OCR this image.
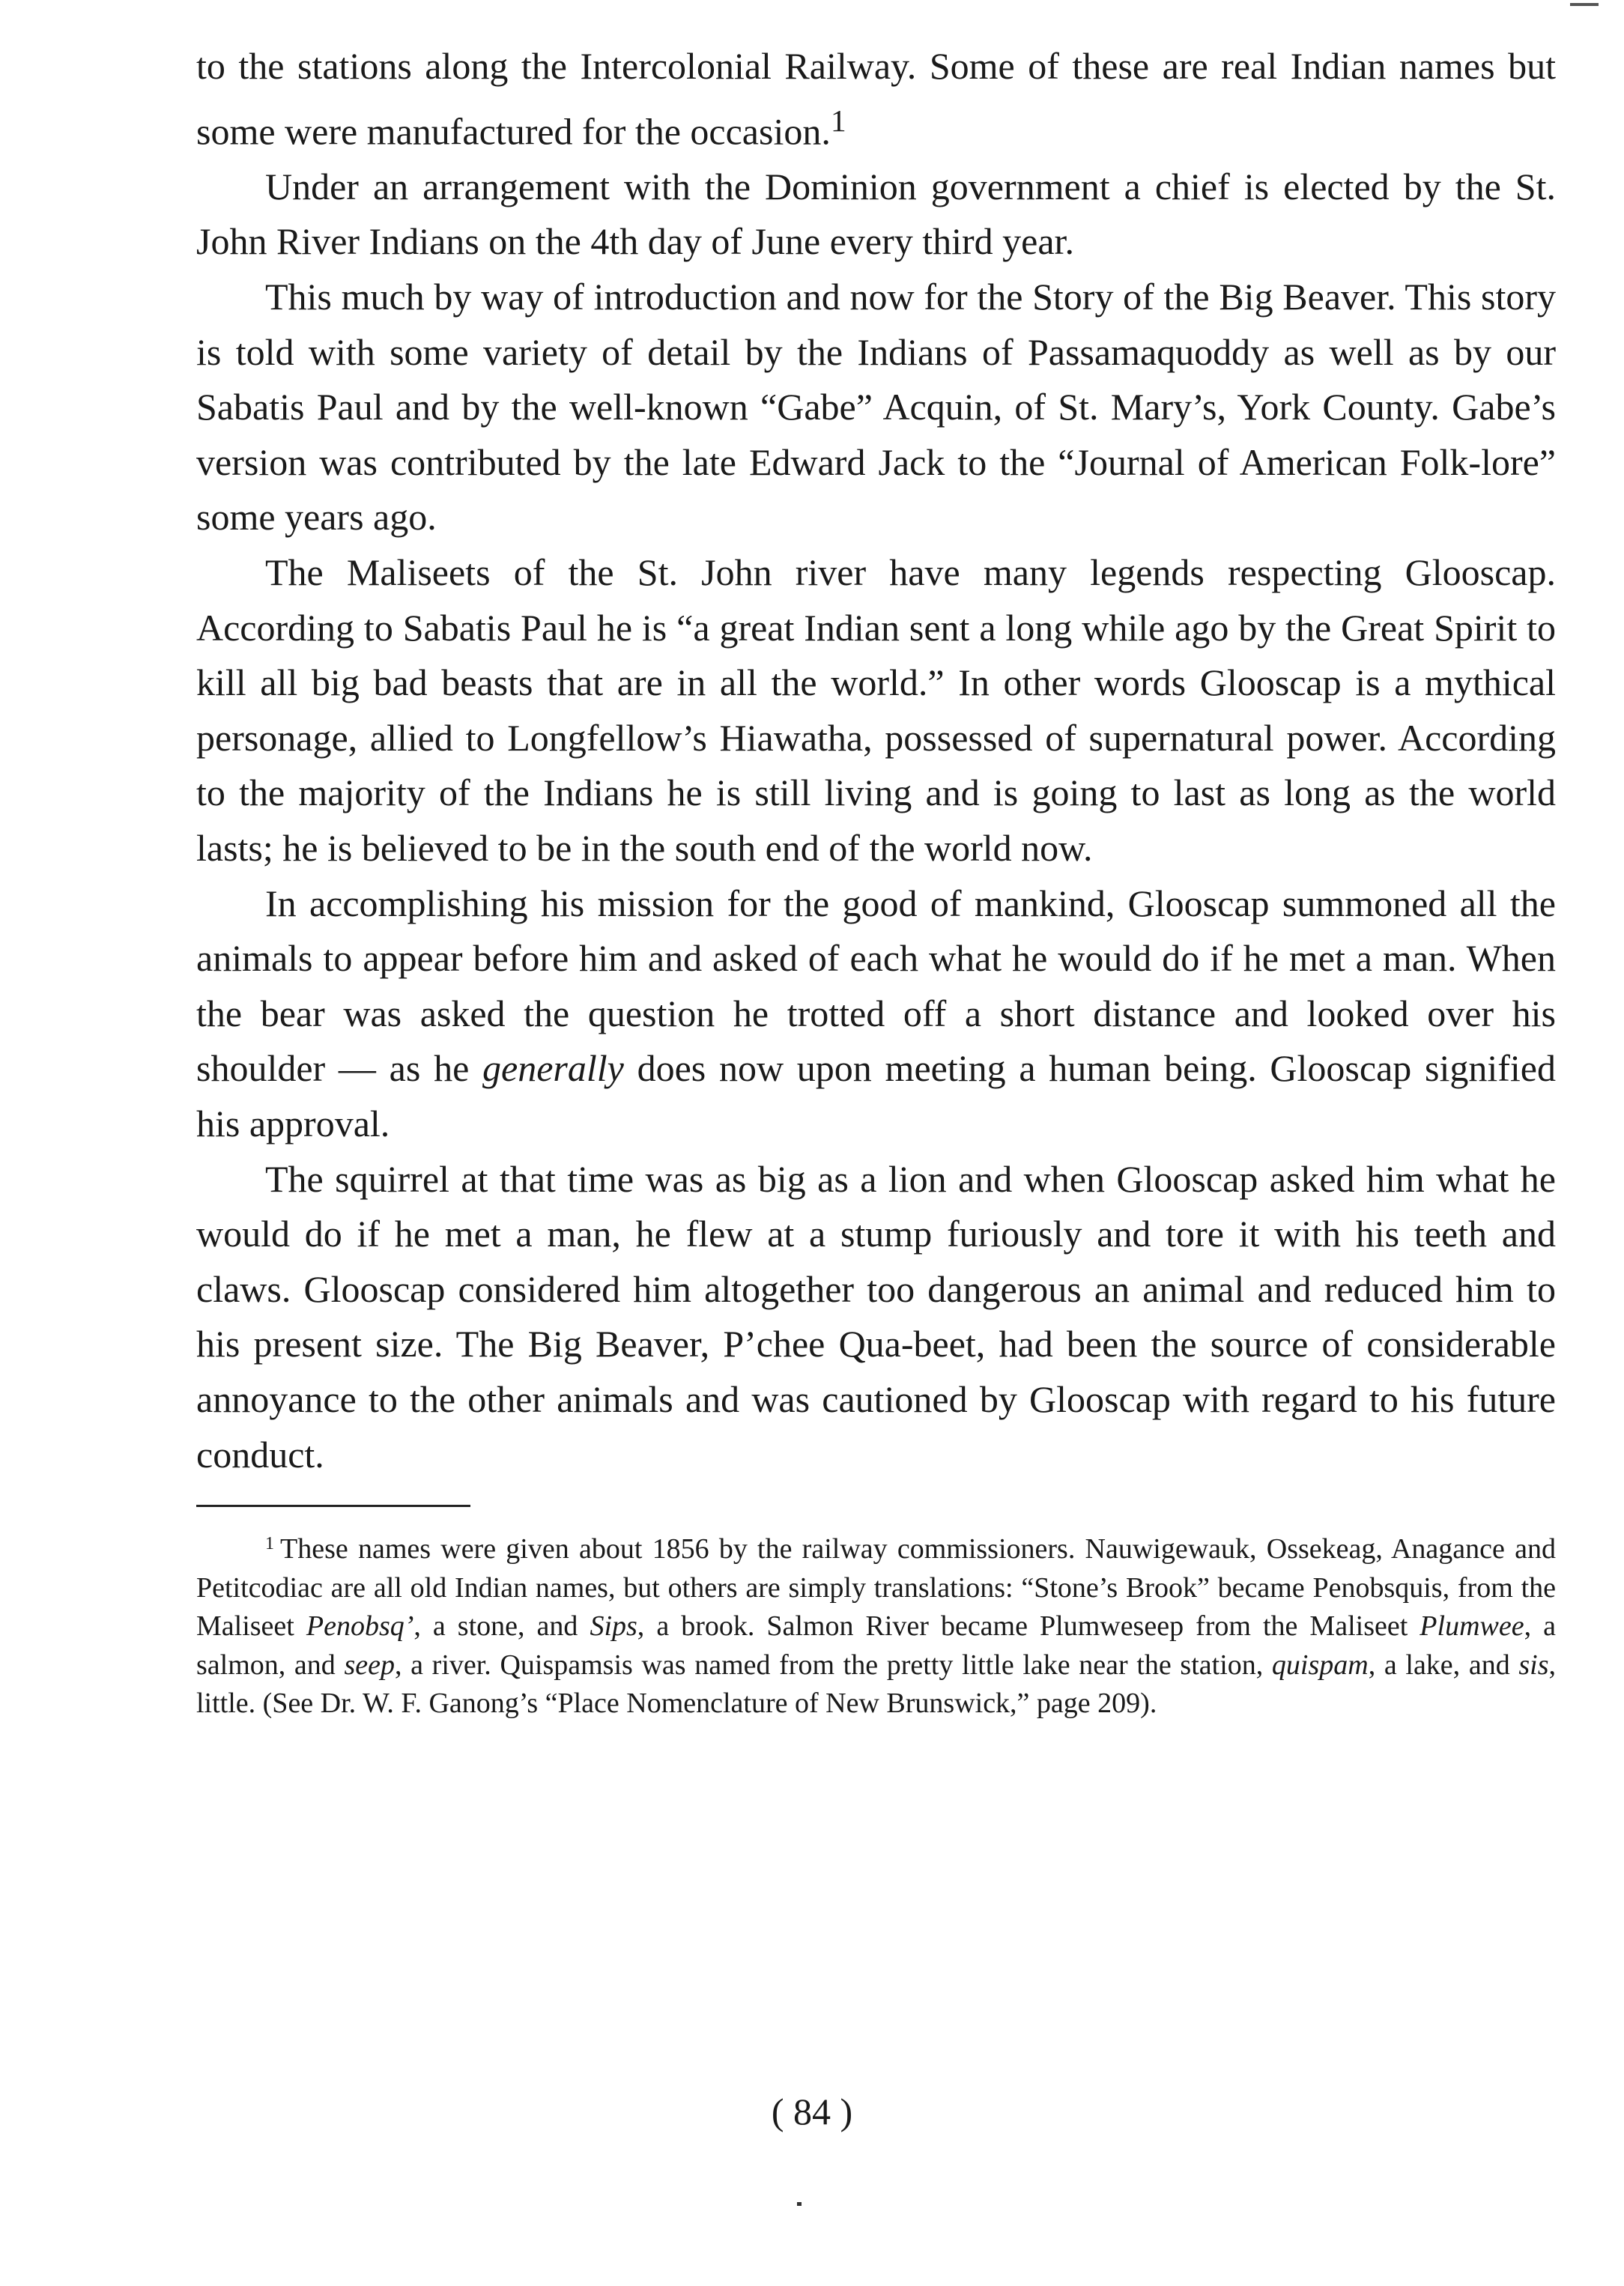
to the stations along the Intercolonial Railway. Some of these are real Indian names but some were manufactured for the occasion.$^1$

Under an arrangement with the Dominion government a chief is elected by the St. John River Indians on the 4th day of June every third year.

This much by way of introduction and now for the Story of the Big Beaver. This story is told with some variety of detail by the Indians of Passamaquoddy as well as by our Sabatis Paul and by the well-known “Gabe” Acquin, of St. Mary’s, York County. Gabe’s version was contributed by the late Edward Jack to the “Journal of American Folk-lore” some years ago.

The Maliseets of the St. John river have many legends respecting Glooscap. According to Sabatis Paul he is “a great Indian sent a long while ago by the Great Spirit to kill all big bad beasts that are in all the world.” In other words Glooscap is a mythical personage, allied to Longfellow’s Hiawatha, possessed of supernatural power. According to the majority of the Indians he is still living and is going to last as long as the world lasts; he is believed to be in the south end of the world now.

In accomplishing his mission for the good of mankind, Glooscap summoned all the animals to appear before him and asked of each what he would do if he met a man. When the bear was asked the question he trotted off a short distance and looked over his shoulder — as he generally does now upon meeting a human being. Glooscap signified his approval.

The squirrel at that time was as big as a lion and when Glooscap asked him what he would do if he met a man, he flew at a stump furiously and tore it with his teeth and claws. Glooscap considered him altogether too dangerous an animal and reduced him to his present size. The Big Beaver, P’chee Qua-beet, had been the source of considerable annoyance to the other animals and was cautioned by Glooscap with regard to his future conduct.

$^1$ These names were given about 1856 by the railway commissioners. Nauwigewauk, Ossekeag, Anagance and Petitcodiac are all old Indian names, but others are simply translations: “Stone’s Brook” became Penobsquis, from the Maliseet Penobsq’, a stone, and Sips, a brook. Salmon River became Plumweseep from the Maliseet Plumwee, a salmon, and seep, a river. Quispamsis was named from the pretty little lake near the station, quispam, a lake, and sis, little. (See Dr. W. F. Ganong’s “Place Nomenclature of New Brunswick,” page 209).

( 84 )
